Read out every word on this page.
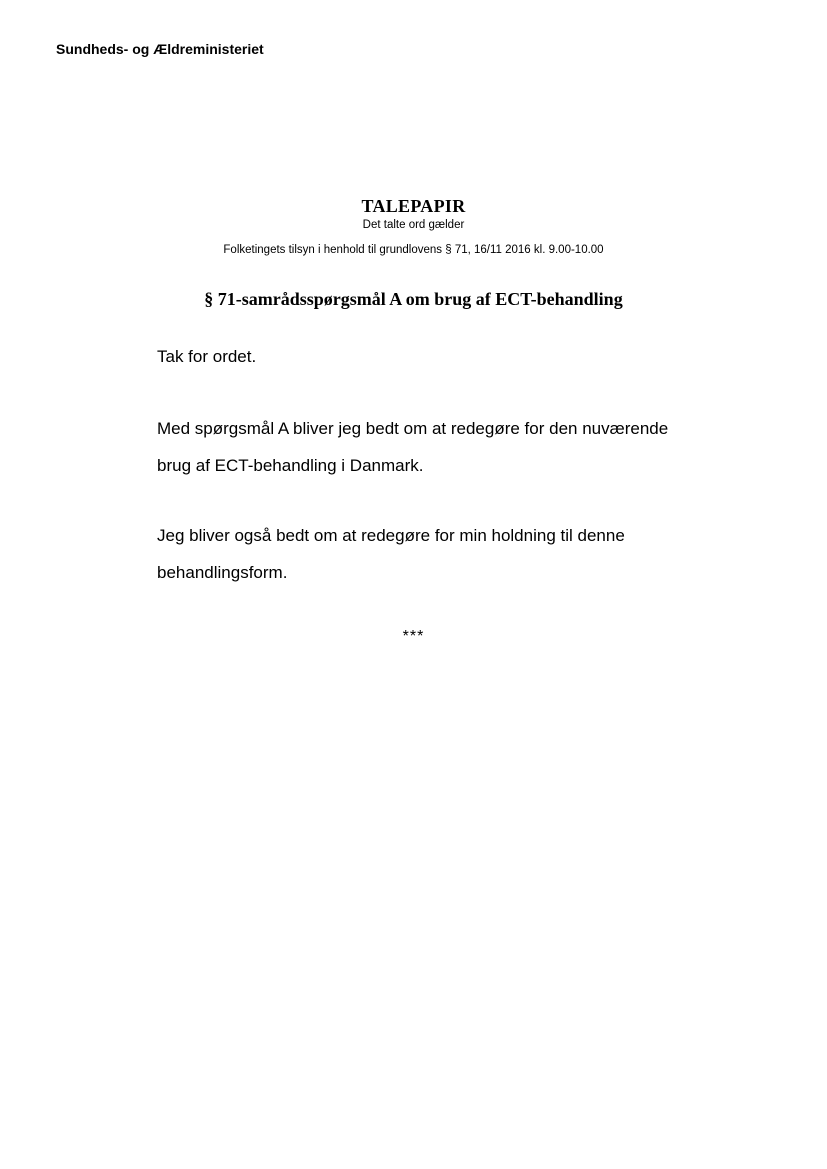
Sundheds- og Ældreministeriet
TALEPAPIR
Det talte ord gælder
Folketingets tilsyn i henhold til grundlovens § 71, 16/11 2016 kl. 9.00-10.00
§ 71-samrådsspørgsmål A om brug af ECT-behandling

Tak for ordet.

Med spørgsmål A bliver jeg bedt om at redegøre for den nuværende brug af ECT-behandling i Danmark.

Jeg bliver også bedt om at redegøre for min holdning til denne behandlingsform.

***
